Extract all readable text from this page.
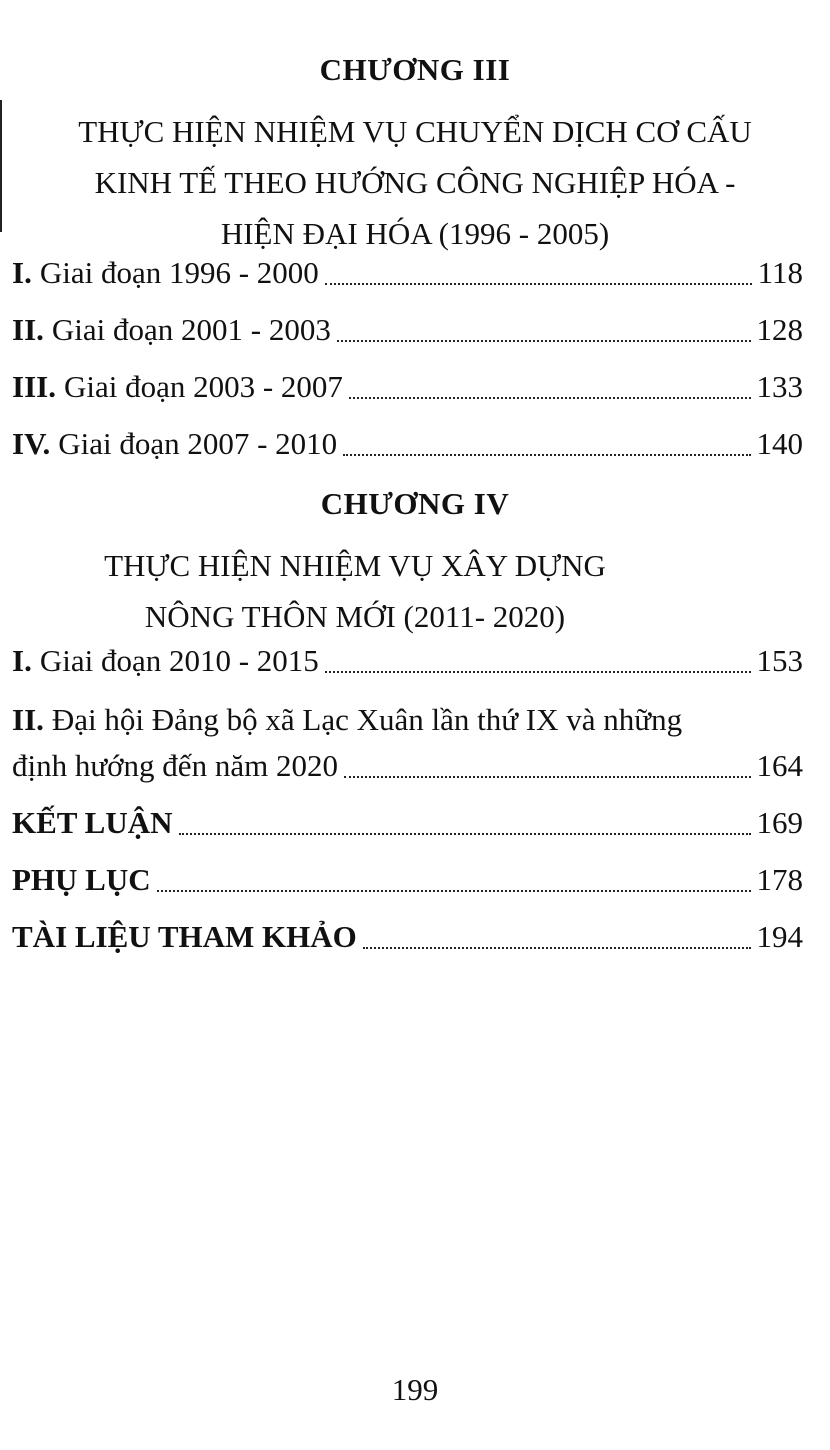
CHƯƠNG III
THỰC HIỆN NHIỆM VỤ CHUYỂN DỊCH CƠ CẤU
KINH TẾ THEO HƯỚNG CÔNG NGHIỆP HÓA -
HIỆN ĐẠI HÓA (1996 - 2005)
I. Giai đoạn 1996 - 2000	118
II. Giai đoạn 2001 - 2003	128
III. Giai đoạn 2003 - 2007	133
IV. Giai đoạn 2007 - 2010	140
CHƯƠNG IV
THỰC HIỆN NHIỆM VỤ XÂY DỰNG
NÔNG THÔN MỚI (2011- 2020)
I. Giai đoạn 2010 - 2015	153
II. Đại hội Đảng bộ xã Lạc Xuân lần thứ IX và những
định hướng đến năm 2020	164
KẾT LUẬN	169
PHỤ LỤC	178
TÀI LIỆU THAM KHẢO	194
199
